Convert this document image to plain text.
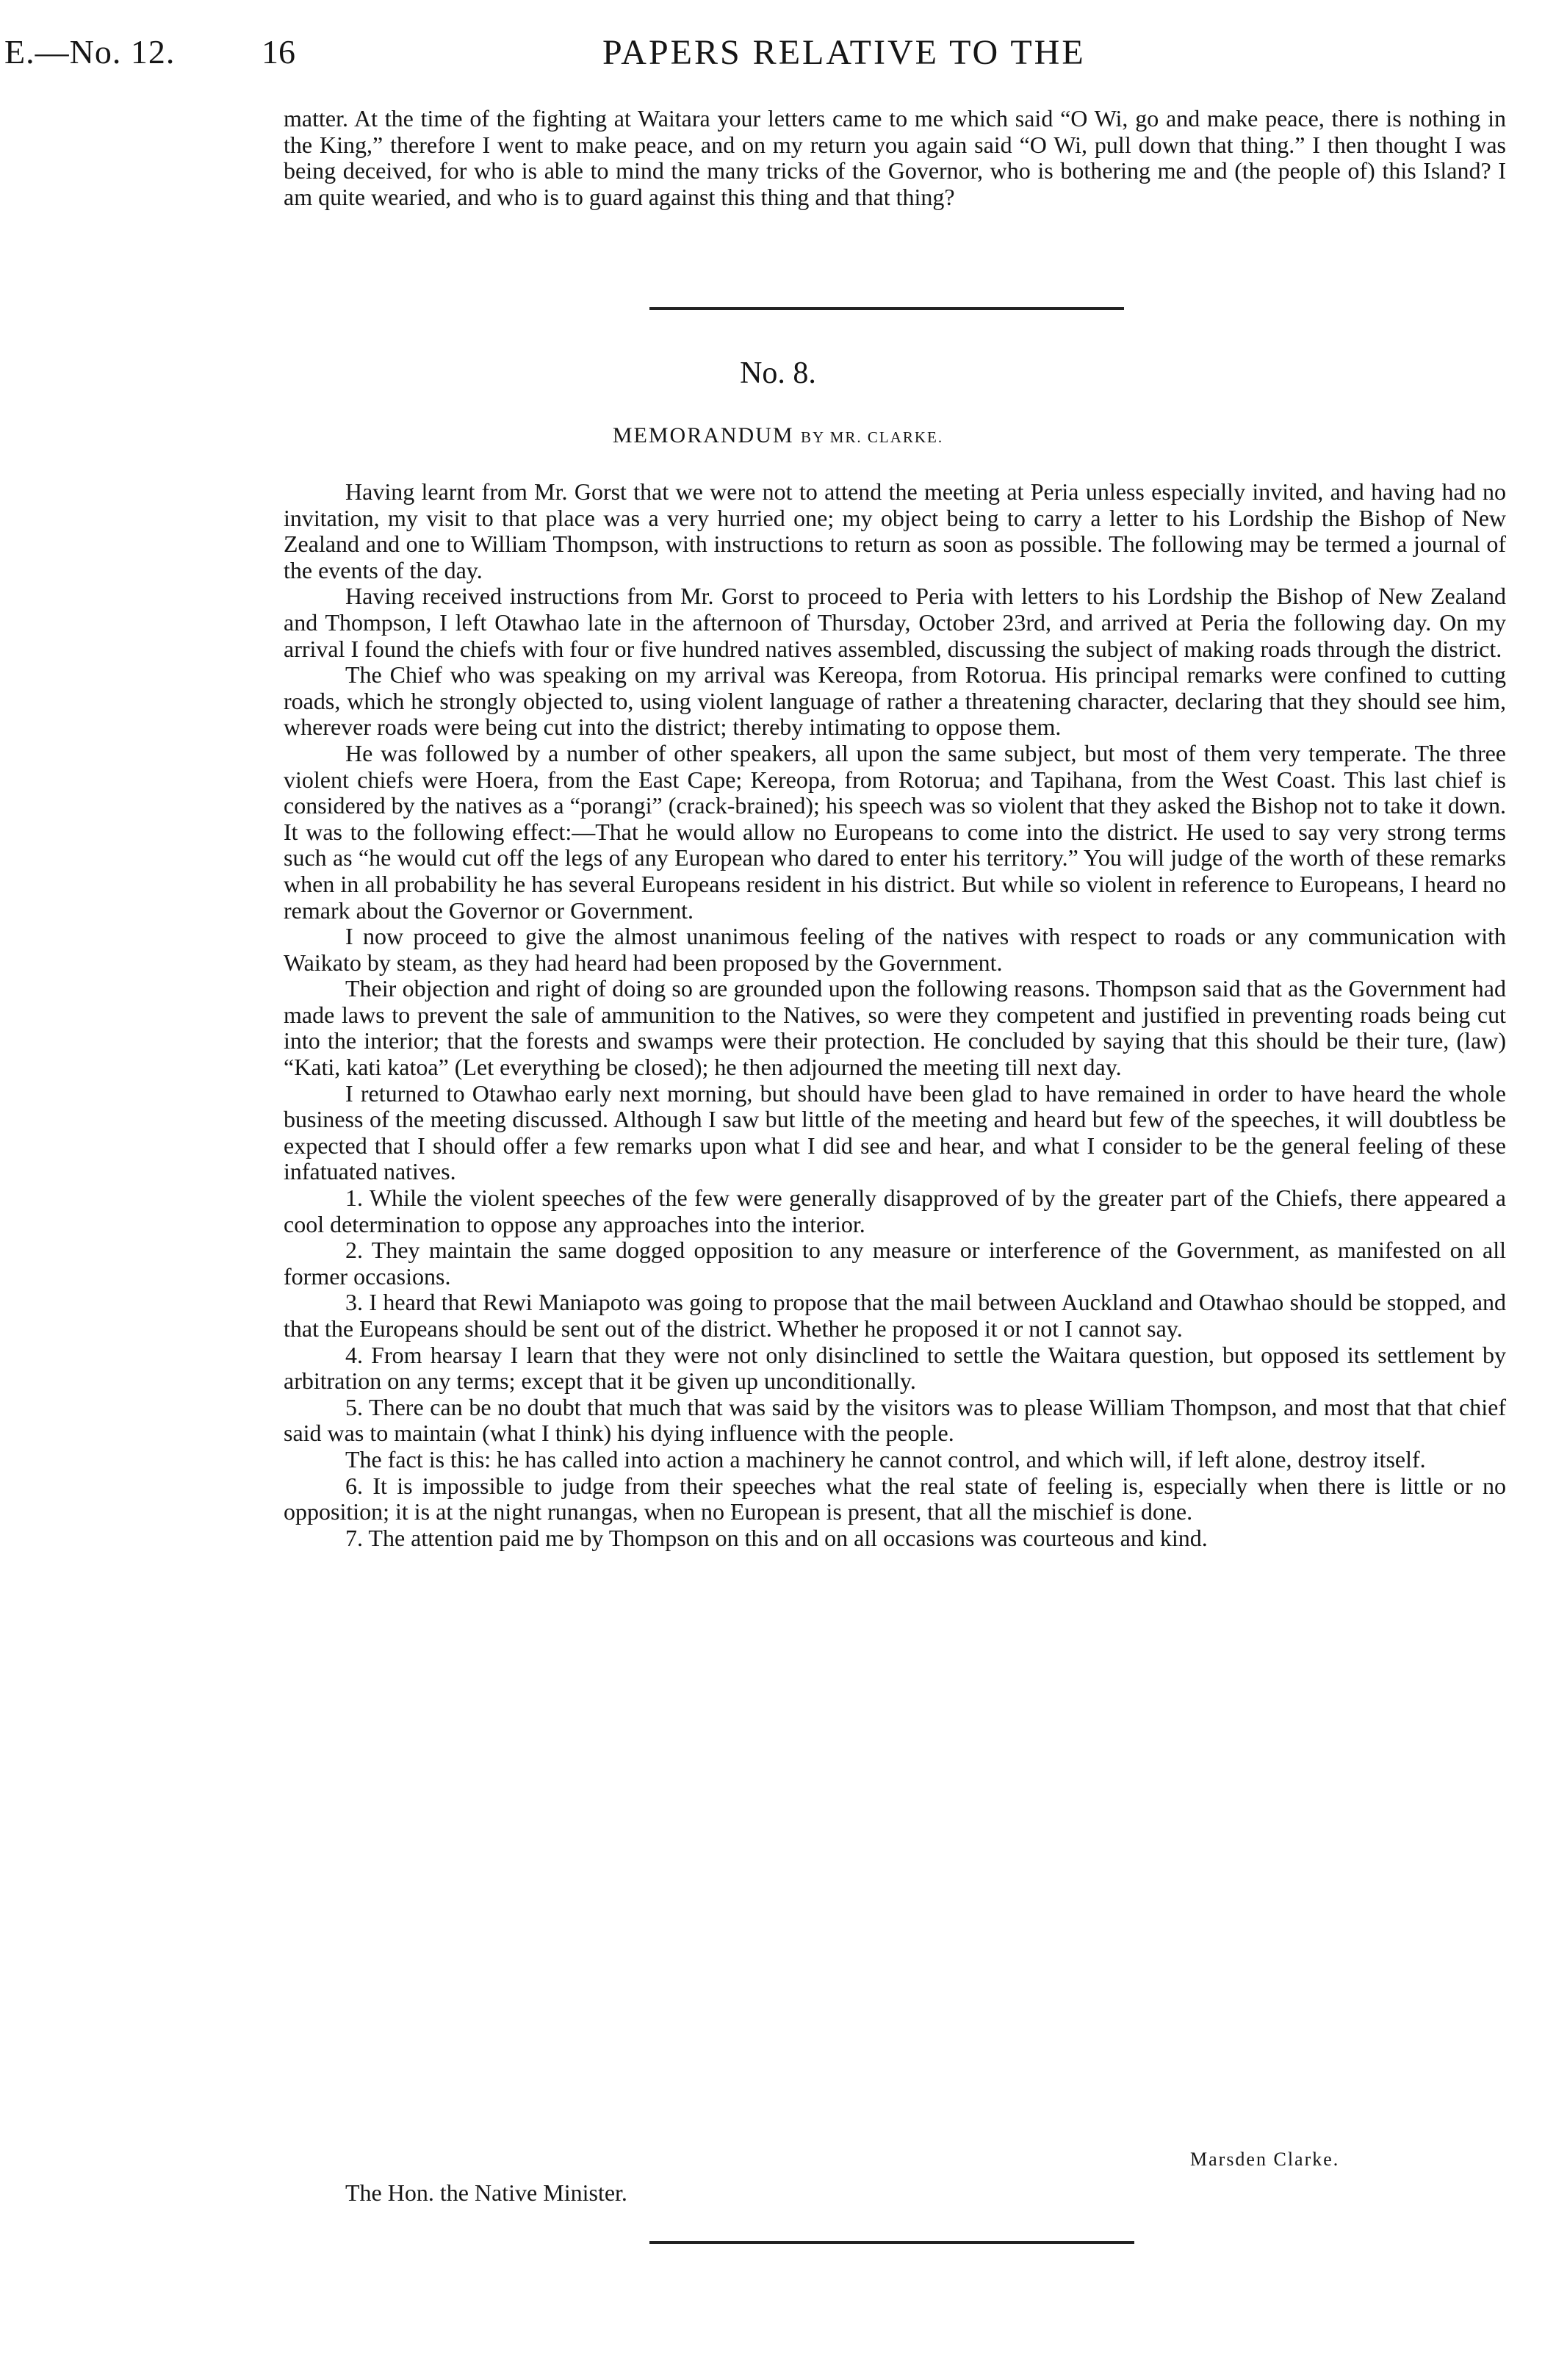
E.—No. 12.	16	PAPERS RELATIVE TO THE

matter. At the time of the fighting at Waitara your letters came to me which said “O Wi, go and make peace, there is nothing in the King,” therefore I went to make peace, and on my return you again said “O Wi, pull down that thing.” I then thought I was being deceived, for who is able to mind the many tricks of the Governor, who is bothering me and (the people of) this Island? I am quite wearied, and who is to guard against this thing and that thing?

No. 8.
MEMORANDUM BY MR. CLARKE.

Having learnt from Mr. Gorst that we were not to attend the meeting at Peria unless especially invited, and having had no invitation, my visit to that place was a very hurried one; my object being to carry a letter to his Lordship the Bishop of New Zealand and one to William Thompson, with instructions to return as soon as possible. The following may be termed a journal of the events of the day.

Having received instructions from Mr. Gorst to proceed to Peria with letters to his Lordship the Bishop of New Zealand and Thompson, I left Otawhao late in the afternoon of Thursday, October 23rd, and arrived at Peria the following day. On my arrival I found the chiefs with four or five hundred natives assembled, discussing the subject of making roads through the district.

The Chief who was speaking on my arrival was Kereopa, from Rotorua. His principal remarks were confined to cutting roads, which he strongly objected to, using violent language of rather a threatening character, declaring that they should see him, wherever roads were being cut into the district; thereby intimating to oppose them.

He was followed by a number of other speakers, all upon the same subject, but most of them very temperate. The three violent chiefs were Hoera, from the East Cape; Kereopa, from Rotorua; and Tapihana, from the West Coast. This last chief is considered by the natives as a “porangi” (crack-brained); his speech was so violent that they asked the Bishop not to take it down. It was to the following effect:—That he would allow no Europeans to come into the district. He used to say very strong terms such as “he would cut off the legs of any European who dared to enter his territory.” You will judge of the worth of these remarks when in all probability he has several Europeans resident in his district. But while so violent in reference to Europeans, I heard no remark about the Governor or Government.

I now proceed to give the almost unanimous feeling of the natives with respect to roads or any communication with Waikato by steam, as they had heard had been proposed by the Government.

Their objection and right of doing so are grounded upon the following reasons. Thompson said that as the Government had made laws to prevent the sale of ammunition to the Natives, so were they competent and justified in preventing roads being cut into the interior; that the forests and swamps were their protection. He concluded by saying that this should be their ture, (law) “Kati, kati katoa” (Let everything be closed); he then adjourned the meeting till next day.

I returned to Otawhao early next morning, but should have been glad to have remained in order to have heard the whole business of the meeting discussed. Although I saw but little of the meeting and heard but few of the speeches, it will doubtless be expected that I should offer a few remarks upon what I did see and hear, and what I consider to be the general feeling of these infatuated natives.

1. While the violent speeches of the few were generally disapproved of by the greater part of the Chiefs, there appeared a cool determination to oppose any approaches into the interior.

2. They maintain the same dogged opposition to any measure or interference of the Government, as manifested on all former occasions.

3. I heard that Rewi Maniapoto was going to propose that the mail between Auckland and Otawhao should be stopped, and that the Europeans should be sent out of the district. Whether he proposed it or not I cannot say.

4. From hearsay I learn that they were not only disinclined to settle the Waitara question, but opposed its settlement by arbitration on any terms; except that it be given up unconditionally.

5. There can be no doubt that much that was said by the visitors was to please William Thompson, and most that that chief said was to maintain (what I think) his dying influence with the people.

The fact is this: he has called into action a machinery he cannot control, and which will, if left alone, destroy itself.

6. It is impossible to judge from their speeches what the real state of feeling is, especially when there is little or no opposition; it is at the night runangas, when no European is present, that all the mischief is done.

7. The attention paid me by Thompson on this and on all occasions was courteous and kind.

Marsden Clarke.
The Hon. the Native Minister.
